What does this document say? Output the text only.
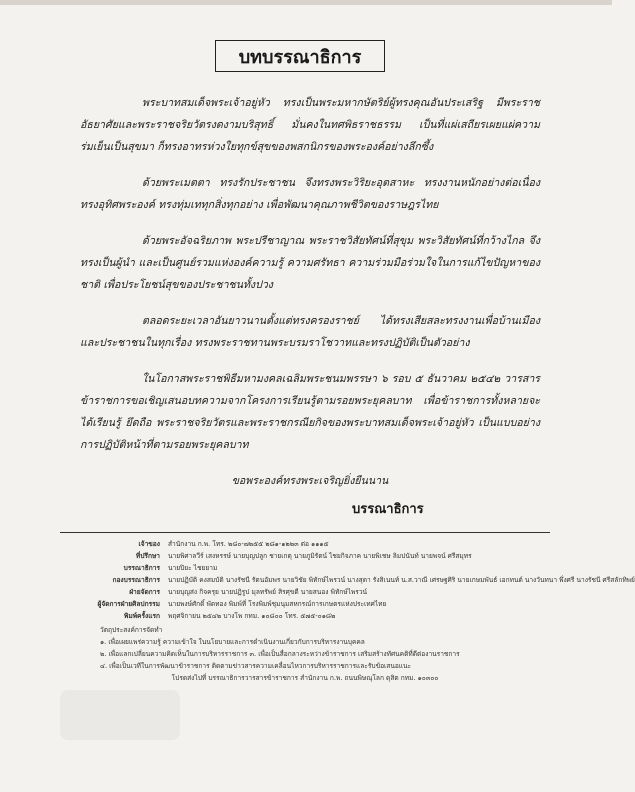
บทบรรณาธิการ

พระบาทสมเด็จพระเจ้าอยู่หัว ทรงเป็นพระมหากษัตริย์ผู้ทรงคุณอันประเสริฐ มีพระราชอัธยาศัยและพระราชจริยวัตรงดงามบริสุทธิ์ มั่นคงในทศพิธราชธรรม เป็นที่แผ่เสถียรเผยแผ่ความร่มเย็นเป็นสุขมา ก็ทรงอาทรห่วงใยทุกข์สุขของพสกนิกรของพระองค์อย่างลึกซึ้ง

ด้วยพระเมตตา ทรงรักประชาชน จึงทรงพระวิริยะอุตสาหะ ทรงงานหนักอย่างต่อเนื่อง ทรงอุทิศพระองค์ ทรงทุ่มเททุกสิ่งทุกอย่าง เพื่อพัฒนาคุณภาพชีวิตของราษฎรไทย

ด้วยพระอัจฉริยภาพ พระปรีชาญาณ พระราชวิสัยทัศน์ที่สุขุม พระวิสัยทัศน์ที่กว้างไกล จึงทรงเป็นผู้นำ และเป็นศูนย์รวมแห่งองค์ความรู้ ความศรัทธา ความร่วมมือร่วมใจในการแก้ไขปัญหาของชาติ เพื่อประโยชน์สุขของประชาชนทั้งปวง

ตลอดระยะเวลาอันยาวนานตั้งแต่ทรงครองราชย์ ได้ทรงเสียสละทรงงานเพื่อบ้านเมืองและประชาชนในทุกเรื่อง ทรงพระราชทานพระบรมราโชวาทและทรงปฏิบัติเป็นตัวอย่าง

ในโอกาสพระราชพิธีมหามงคลเฉลิมพระชนมพรรษา ๖ รอบ ๕ ธันวาคม ๒๕๔๒ วารสารข้าราชการขอเชิญเสนอบทความจากโครงการเรียนรู้ตามรอยพระยุคลบาท เพื่อข้าราชการทั้งหลายจะได้เรียนรู้ ยึดถือ พระราชจริยวัตรและพระราชกรณียกิจของพระบาทสมเด็จพระเจ้าอยู่หัว เป็นแบบอย่างการปฏิบัติหน้าที่ตามรอยพระยุคลบาท

ขอพระองค์ทรงพระเจริญยิ่งยืนนาน

บรรณาธิการ
เจ้าของ	สำนักงาน ก.พ. โทร. ๒๘๐-๗๒๕๕ ๒๘๑-๑๒๒๓ ต่อ ๑๑๑๕
ที่ปรึกษา	นายพิศาลวีร์ เสงหรรษ์ นายบุญปลูก ชายเกตุ นายภูมิรัตน์ ไชยกิจภาค นายพิเชษ ลิมปนันท์ นายพจน์ ศรีสมุทร
บรรณาธิการ	นายปิยะ ไชยยาม
กองบรรณาธิการ	นายปฏิบัติ คงสมบัติ นางรัชนี รัตนอัมพร นายวิชัย พิทักษ์ไพรวน์ นางสุดา รังสิเนนท์ น.ส.วาณี เศรษฐศิริ นายเกษมพันธ์ เอกทนต์ นางวันทนา พึ่งศรี นางรัชนี ศรีสลักทิพย์
ฝ่ายจัดการ	นายบุญส่ง กิจครุย นายปฏิรูป มุลทรัพย์ สิรศุขดี นายสนอง พิทักษ์ไพรวน์
ผู้จัดการฝ่ายศิลปกรรม	นายพงษ์ศักดิ์ พัดทอง พิมพ์ที่ โรงพิมพ์ชุมนุมสหกรณ์การเกษตรแห่งประเทศไทย
พิมพ์ครั้งแรก	พฤศจิกายน ๒๕๔๒ บางโพ กทม. ๑๐๘๐๐ โทร. ๕๗๕-๐๑๘๒
วัตถุประสงค์การจัดทำ
๑. เพื่อเผยแพร่ความรู้ ความเข้าใจ ในนโยบายและการดำเนินงานเกี่ยวกับการบริหารงานบุคคล
๒. เพื่อแลกเปลี่ยนความคิดเห็นในการบริหารราชการ ๓. เพื่อเป็นสื่อกลางระหว่างข้าราชการ เสริมสร้างทัศนคติที่ดีต่องานราชการ
๔. เพื่อเป็นเวทีในการพัฒนาข้าราชการ ติดตามข่าวสารความเคลื่อนไหวการบริหารราชการและรับข้อเสนอแนะ
โปรดส่งไปที่ บรรณาธิการวารสารข้าราชการ สำนักงาน ก.พ. ถนนพิษณุโลก ดุสิต กทม. ๑๐๓๐๐
